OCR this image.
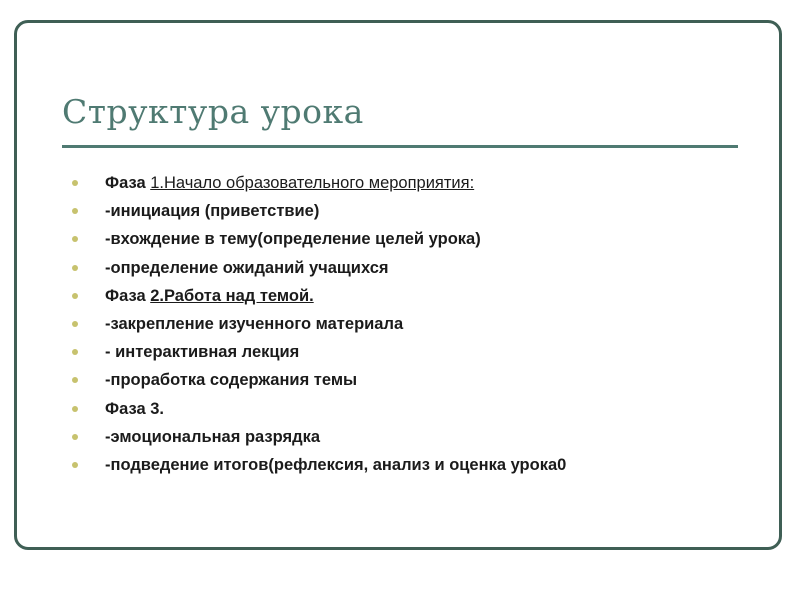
Структура урока
Фаза 1.Начало образовательного мероприятия:
-инициация (приветствие)
-вхождение в тему(определение целей урока)
-определение ожиданий учащихся
Фаза 2.Работа над темой.
-закрепление изученного материала
- интерактивная лекция
-проработка содержания темы
Фаза 3.
-эмоциональная разрядка
-подведение итогов(рефлексия, анализ и оценка урока0
